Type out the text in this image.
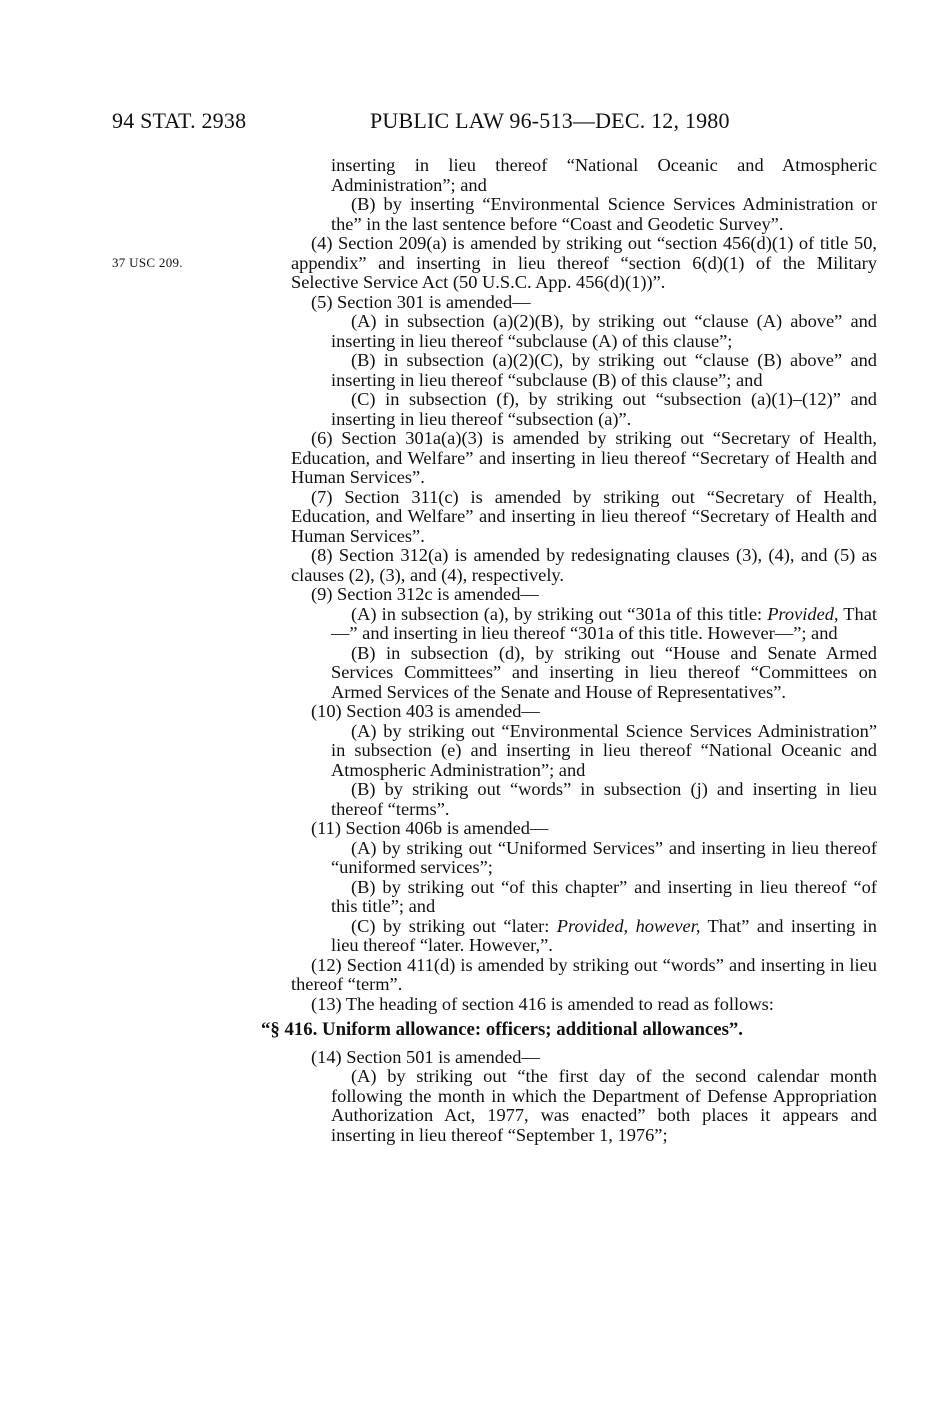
94 STAT. 2938	PUBLIC LAW 96-513—DEC. 12, 1980
37 USC 209.

inserting in lieu thereof “National Oceanic and Atmospheric Administration”; and

(B) by inserting “Environmental Science Services Administration or the” in the last sentence before “Coast and Geodetic Survey”.

(4) Section 209(a) is amended by striking out “section 456(d)(1) of title 50, appendix” and inserting in lieu thereof “section 6(d)(1) of the Military Selective Service Act (50 U.S.C. App. 456(d)(1))”.

(5) Section 301 is amended—

(A) in subsection (a)(2)(B), by striking out “clause (A) above” and inserting in lieu thereof “subclause (A) of this clause”;

(B) in subsection (a)(2)(C), by striking out “clause (B) above” and inserting in lieu thereof “subclause (B) of this clause”; and

(C) in subsection (f), by striking out “subsection (a)(1)–(12)” and inserting in lieu thereof “subsection (a)”.

(6) Section 301a(a)(3) is amended by striking out “Secretary of Health, Education, and Welfare” and inserting in lieu thereof “Secretary of Health and Human Services”.

(7) Section 311(c) is amended by striking out “Secretary of Health, Education, and Welfare” and inserting in lieu thereof “Secretary of Health and Human Services”.

(8) Section 312(a) is amended by redesignating clauses (3), (4), and (5) as clauses (2), (3), and (4), respectively.

(9) Section 312c is amended—

(A) in subsection (a), by striking out “301a of this title: Provided, That—” and inserting in lieu thereof “301a of this title. However—”; and

(B) in subsection (d), by striking out “House and Senate Armed Services Committees” and inserting in lieu thereof “Committees on Armed Services of the Senate and House of Representatives”.

(10) Section 403 is amended—

(A) by striking out “Environmental Science Services Administration” in subsection (e) and inserting in lieu thereof “National Oceanic and Atmospheric Administration”; and

(B) by striking out “words” in subsection (j) and inserting in lieu thereof “terms”.

(11) Section 406b is amended—

(A) by striking out “Uniformed Services” and inserting in lieu thereof “uniformed services”;

(B) by striking out “of this chapter” and inserting in lieu thereof “of this title”; and

(C) by striking out “later: Provided, however, That” and inserting in lieu thereof “later. However,”.

(12) Section 411(d) is amended by striking out “words” and inserting in lieu thereof “term”.

(13) The heading of section 416 is amended to read as follows:

“§ 416. Uniform allowance: officers; additional allowances”.

(14) Section 501 is amended—

(A) by striking out “the first day of the second calendar month following the month in which the Department of Defense Appropriation Authorization Act, 1977, was enacted” both places it appears and inserting in lieu thereof “September 1, 1976”;
